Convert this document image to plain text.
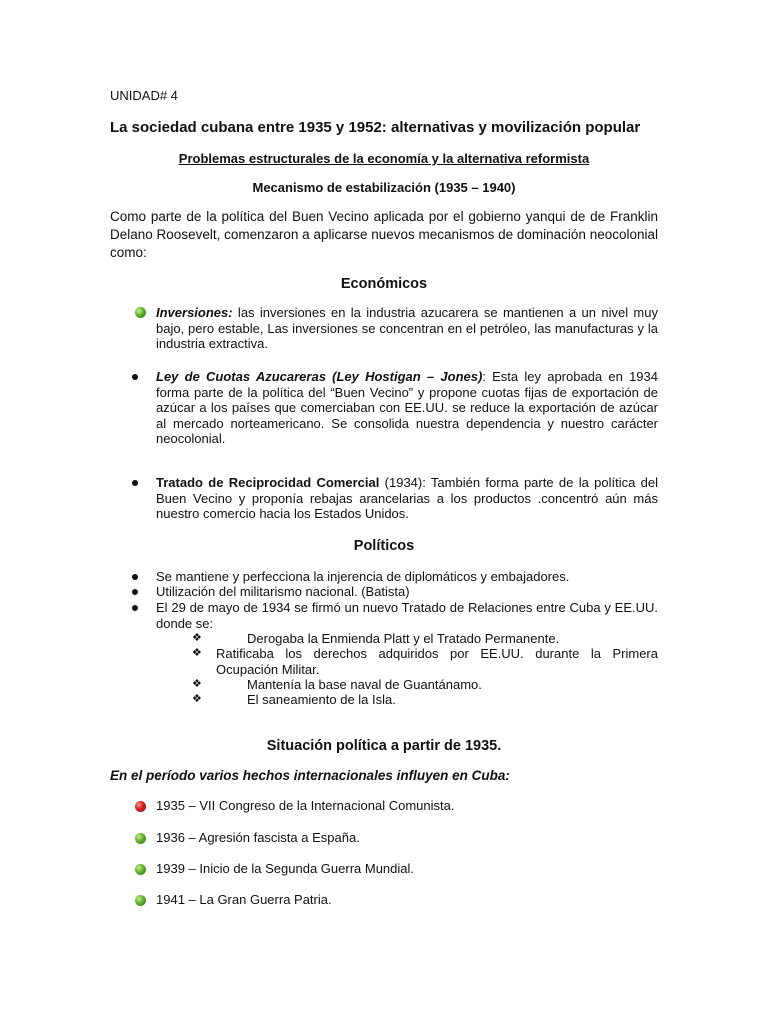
UNIDAD# 4
La sociedad cubana entre 1935 y 1952: alternativas y movilización popular
Problemas estructurales de la economía y la alternativa reformista
Mecanismo de estabilización (1935 – 1940)
Como parte de la política del Buen Vecino aplicada por el gobierno yanqui de de Franklin Delano Roosevelt, comenzaron a aplicarse nuevos mecanismos de dominación neocolonial como:
Económicos
Inversiones: las inversiones en la industria azucarera se mantienen a un nivel muy bajo, pero estable, Las inversiones se concentran en el petróleo, las manufacturas y la industria extractiva.
Ley de Cuotas Azucareras (Ley Hostigan – Jones): Esta ley aprobada en 1934 forma parte de la política del “Buen Vecino” y propone cuotas fijas de exportación de azúcar a los países que comerciaban con EE.UU. se reduce la exportación de azúcar al mercado norteamericano. Se consolida nuestra dependencia y nuestro carácter neocolonial.
Tratado de Reciprocidad Comercial (1934): También forma parte de la política del Buen Vecino y proponía rebajas arancelarias a los productos .concentró aún más nuestro comercio hacia los Estados Unidos.
Políticos
Se mantiene y perfecciona la injerencia de diplomáticos y embajadores.
Utilización del militarismo nacional. (Batista)
El 29 de mayo de 1934 se firmó un nuevo Tratado de Relaciones entre Cuba y EE.UU. donde se:
❖	Derogaba la Enmienda Platt y el Tratado Permanente.
❖ Ratificaba los derechos adquiridos por EE.UU. durante la Primera Ocupación Militar.
❖	Mantenía la base naval de Guantánamo.
❖	El saneamiento de la Isla.
Situación política a partir de 1935.
En el período varios hechos internacionales influyen en Cuba:
1935 – VII Congreso de la Internacional Comunista.
1936 – Agresión fascista a España.
1939 – Inicio de la Segunda Guerra Mundial.
1941 – La Gran Guerra Patria.
